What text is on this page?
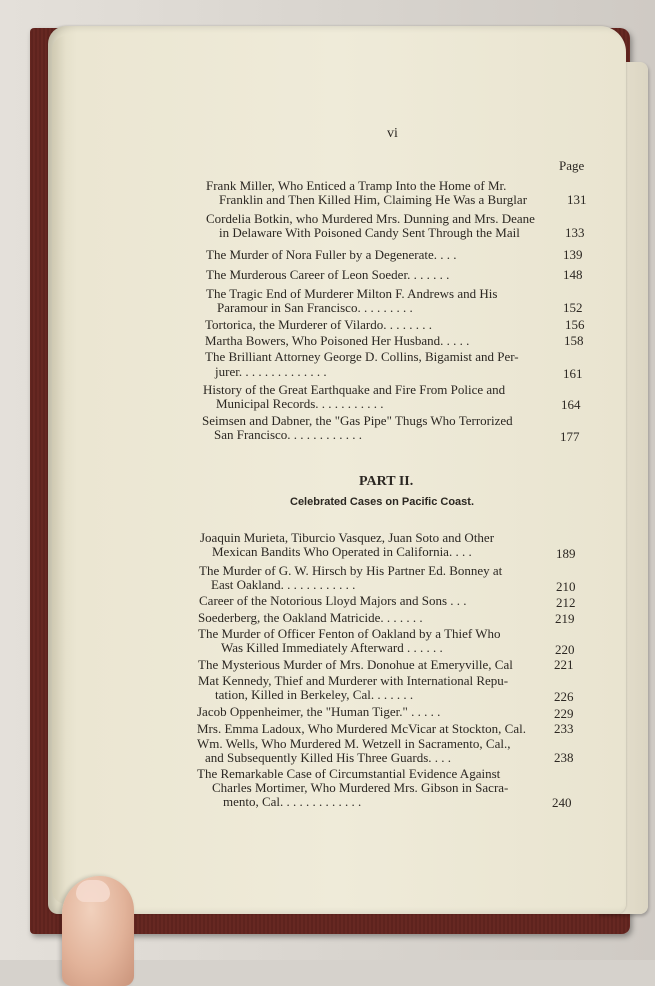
vi
Page
Frank Miller, Who Enticed a Tramp Into the Home of Mr.
Franklin and Then Killed Him, Claiming He Was a Burglar	131
Cordelia Botkin, who Murdered Mrs. Dunning and Mrs. Deane
in Delaware With Poisoned Candy Sent Through the Mail	133
The Murder of Nora Fuller by a Degenerate. . . .	139
The Murderous Career of Leon Soeder. . . . . . .	148
The Tragic End of Murderer Milton F. Andrews and His
Paramour in San Francisco. . . . . . . . .	152
Tortorica, the Murderer of Vilardo. . . . . . . .	156
Martha Bowers, Who Poisoned Her Husband. . . . .	158
The Brilliant Attorney George D. Collins, Bigamist and Per-
jurer. . . . . . . . . . . . . .	161
History of the Great Earthquake and Fire From Police and
Municipal Records. . . . . . . . . . .	164
Seimsen and Dabner, the "Gas Pipe" Thugs Who Terrorized
San Francisco. . . . . . . . . . . .	177
PART II.
Celebrated Cases on Pacific Coast.
Joaquin Murieta, Tiburcio Vasquez, Juan Soto and Other
Mexican Bandits Who Operated in California. . . .	189
The Murder of G. W. Hirsch by His Partner Ed. Bonney at
East Oakland. . . . . . . . . . . .	210
Career of the Notorious Lloyd Majors and Sons . . .	212
Soederberg, the Oakland Matricide. . . . . . .	219
The Murder of Officer Fenton of Oakland by a Thief Who
Was Killed Immediately Afterward . . . . . .	220
The Mysterious Murder of Mrs. Donohue at Emeryville, Cal	221
Mat Kennedy, Thief and Murderer with International Repu-
tation, Killed in Berkeley, Cal. . . . . . .	226
Jacob Oppenheimer, the "Human Tiger." . . . . .	229
Mrs. Emma Ladoux, Who Murdered McVicar at Stockton, Cal. 233
Wm. Wells, Who Murdered M. Wetzell in Sacramento, Cal.,
and Subsequently Killed His Three Guards. . . .	238
The Remarkable Case of Circumstantial Evidence Against
Charles Mortimer, Who Murdered Mrs. Gibson in Sacra-
mento, Cal. . . . . . . . . . . . .	240
